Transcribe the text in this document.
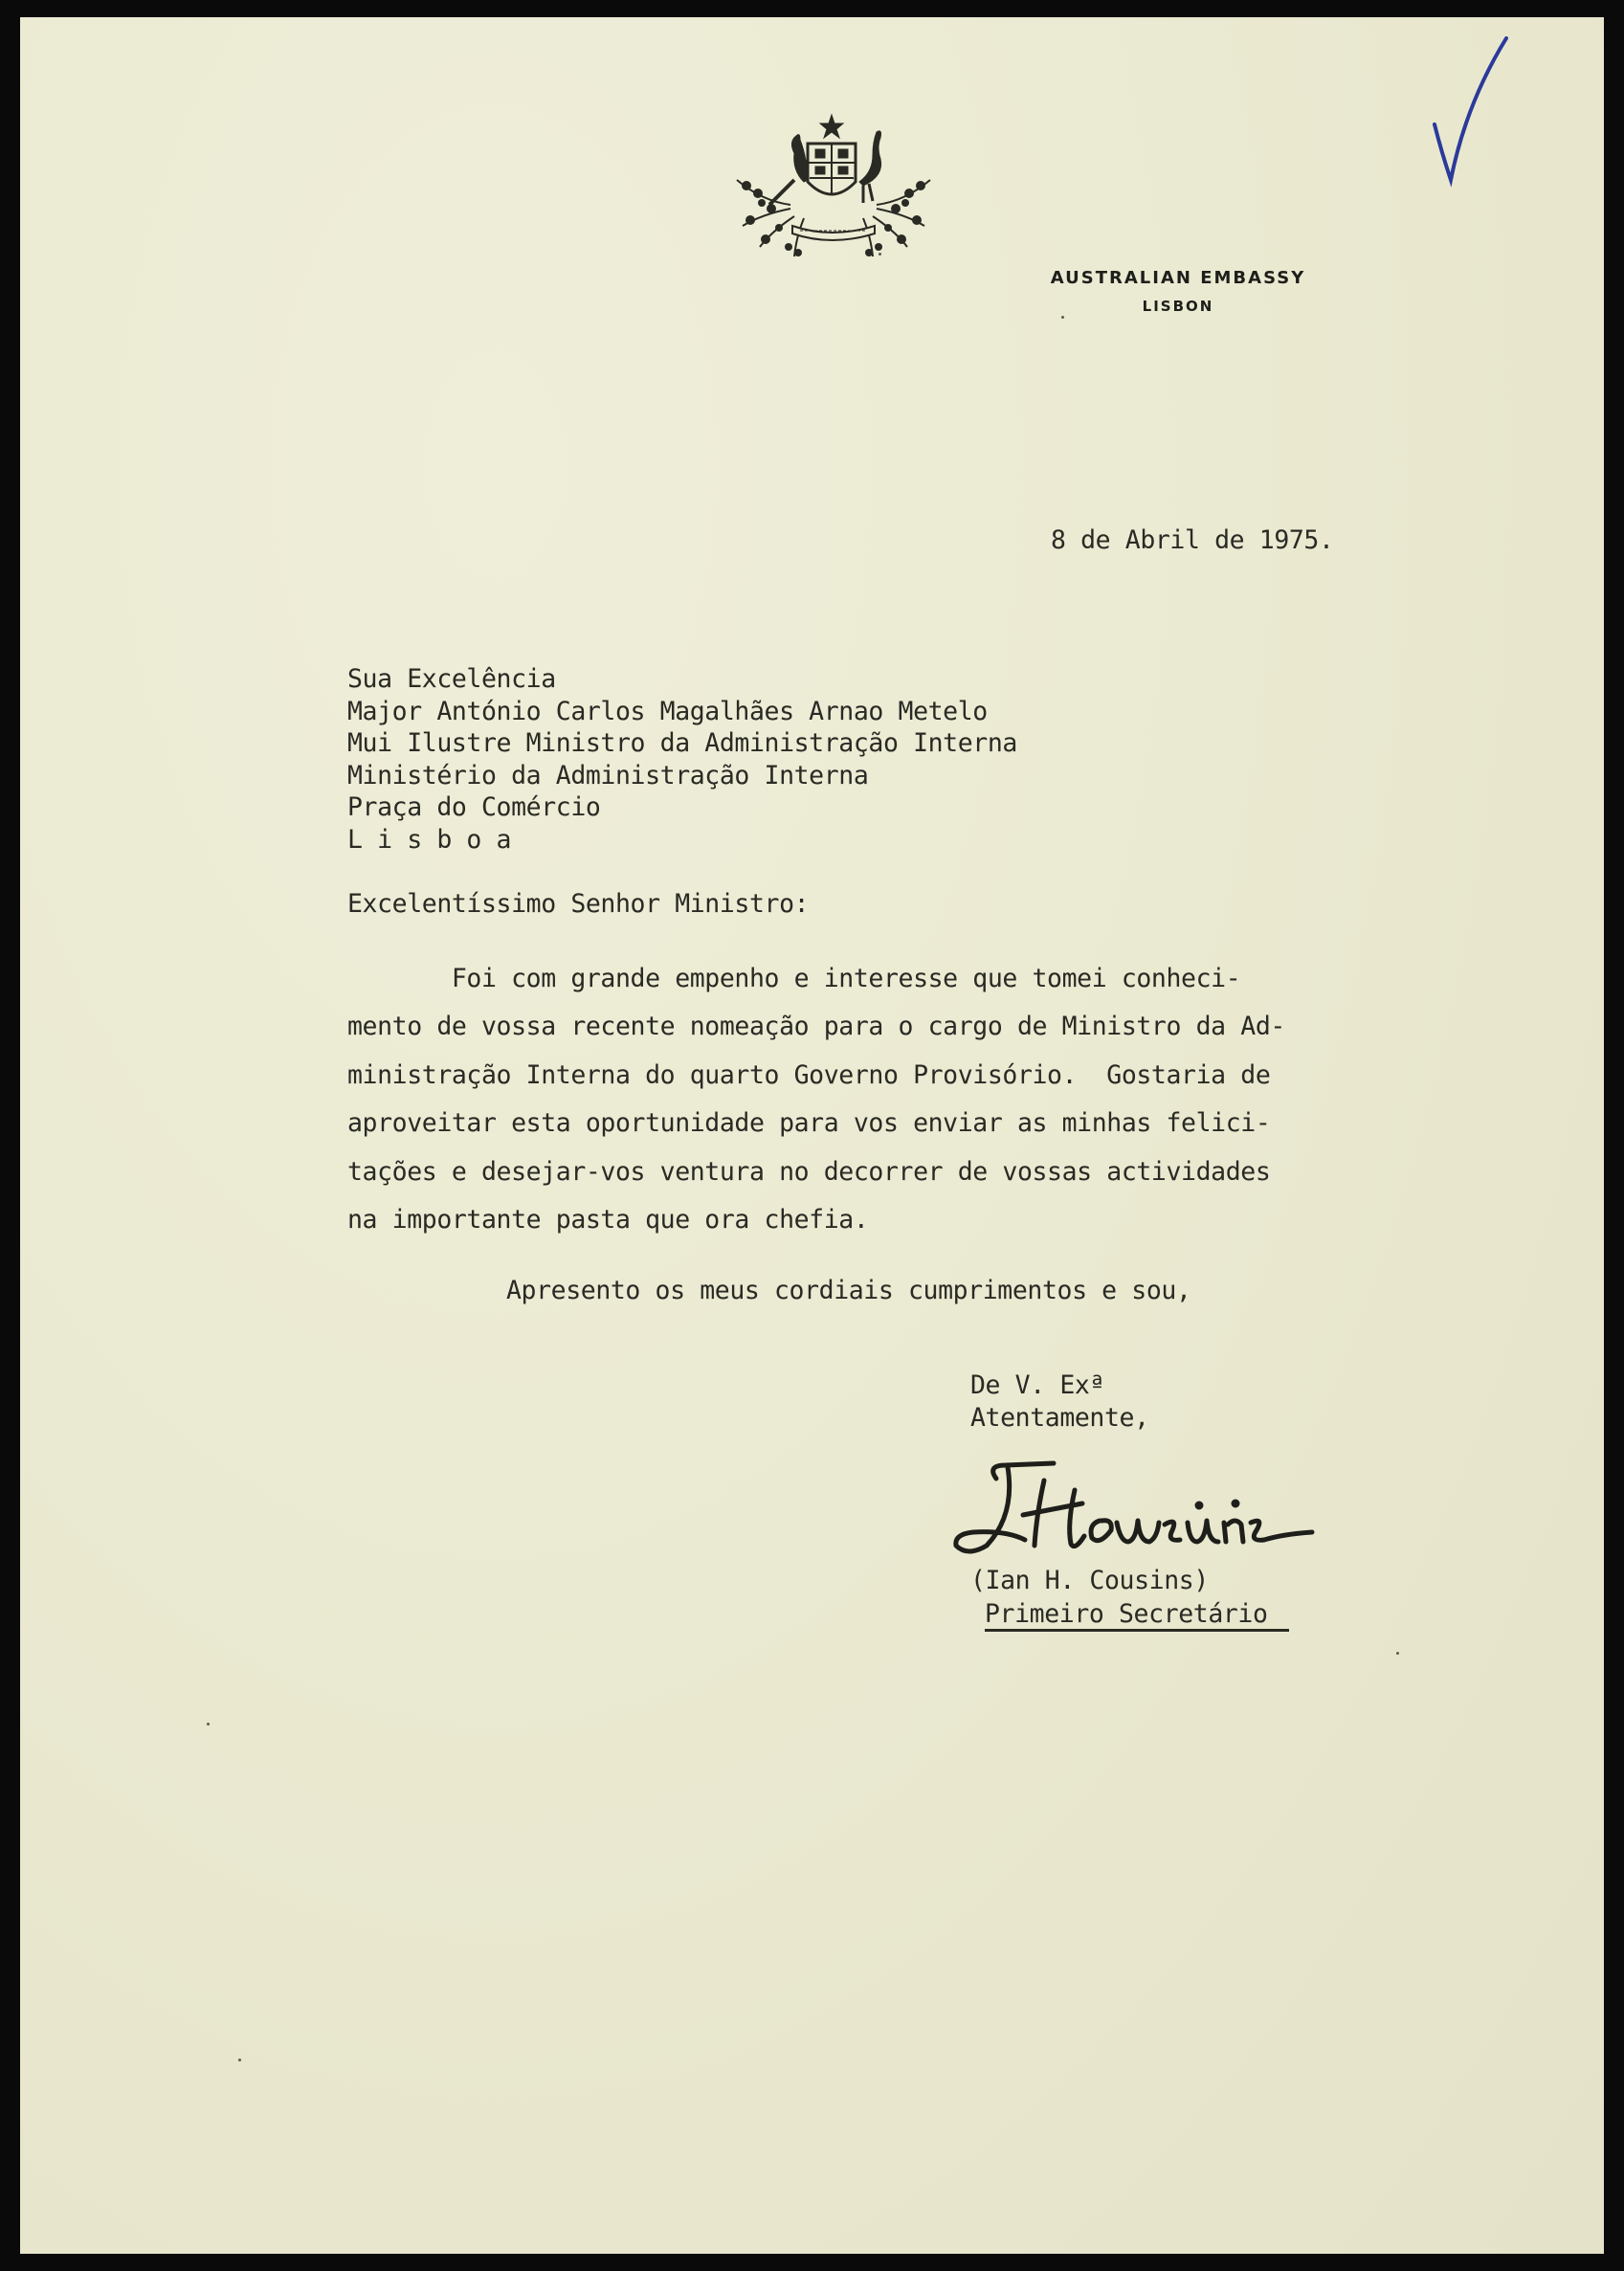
AUSTRALIAN EMBASSY
LISBON
8 de Abril de 1975.
Sua Excelência
Major António Carlos Magalhães Arnao Metelo
Mui Ilustre Ministro da Administração Interna
Ministério da Administração Interna
Praça do Comércio
L i s b o a
Excelentíssimo Senhor Ministro:
Foi com grande empenho e interesse que tomei conheci-
mento de vossa recente nomeação para o cargo de Ministro da Ad-
ministração Interna do quarto Governo Provisório.  Gostaria de
aproveitar esta oportunidade para vos enviar as minhas felici-
tações e desejar-vos ventura no decorrer de vossas actividades
na importante pasta que ora chefia.
Apresento os meus cordiais cumprimentos e sou,
De V. Exª
Atentamente,
(Ian H. Cousins)
Primeiro Secretário
